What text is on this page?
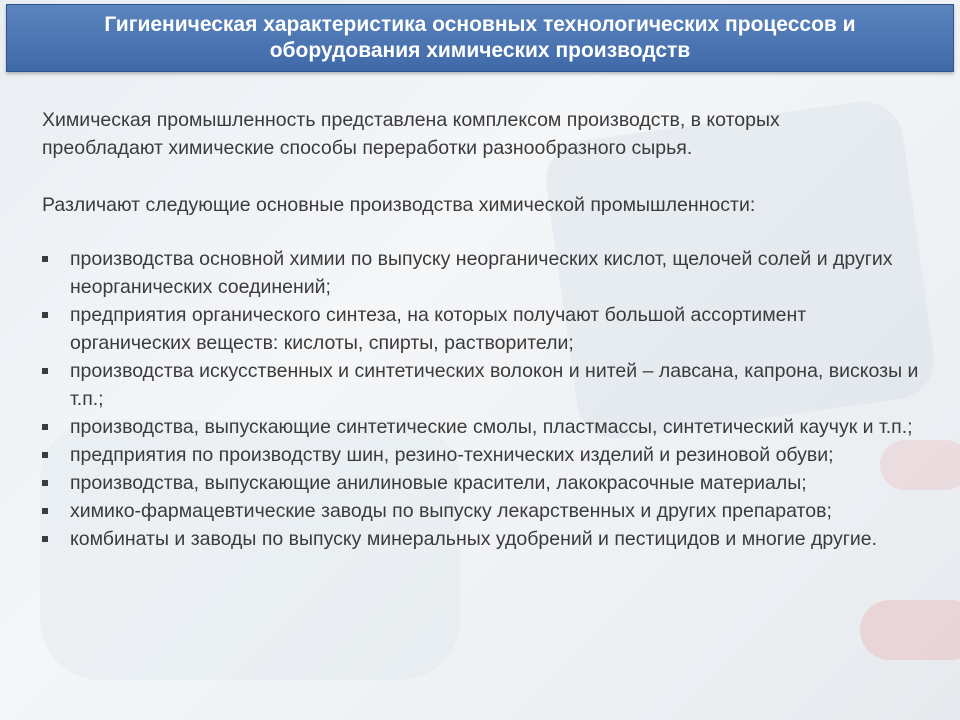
Гигиеническая характеристика основных технологических процессов и
оборудования химических производств

Химическая промышленность представлена комплексом производств, в которых
преобладают химические способы переработки разнообразного сырья.

Различают следующие основные производства химической промышленности:

производства основной химии по выпуску неорганических кислот, щелочей солей и других неорганических соединений;
предприятия органического синтеза, на которых получают большой ассортимент органических веществ: кислоты, спирты, растворители;
производства искусственных и синтетических волокон и нитей – лавсана, капрона, вискозы и т.п.;
производства, выпускающие синтетические смолы, пластмассы, синтетический каучук и т.п.;
предприятия по производству шин, резино-технических изделий и резиновой обуви;
производства, выпускающие анилиновые красители, лакокрасочные материалы;
химико-фармацевтические заводы по выпуску лекарственных и других препаратов;
комбинаты и заводы по выпуску минеральных удобрений и пестицидов и многие другие.
